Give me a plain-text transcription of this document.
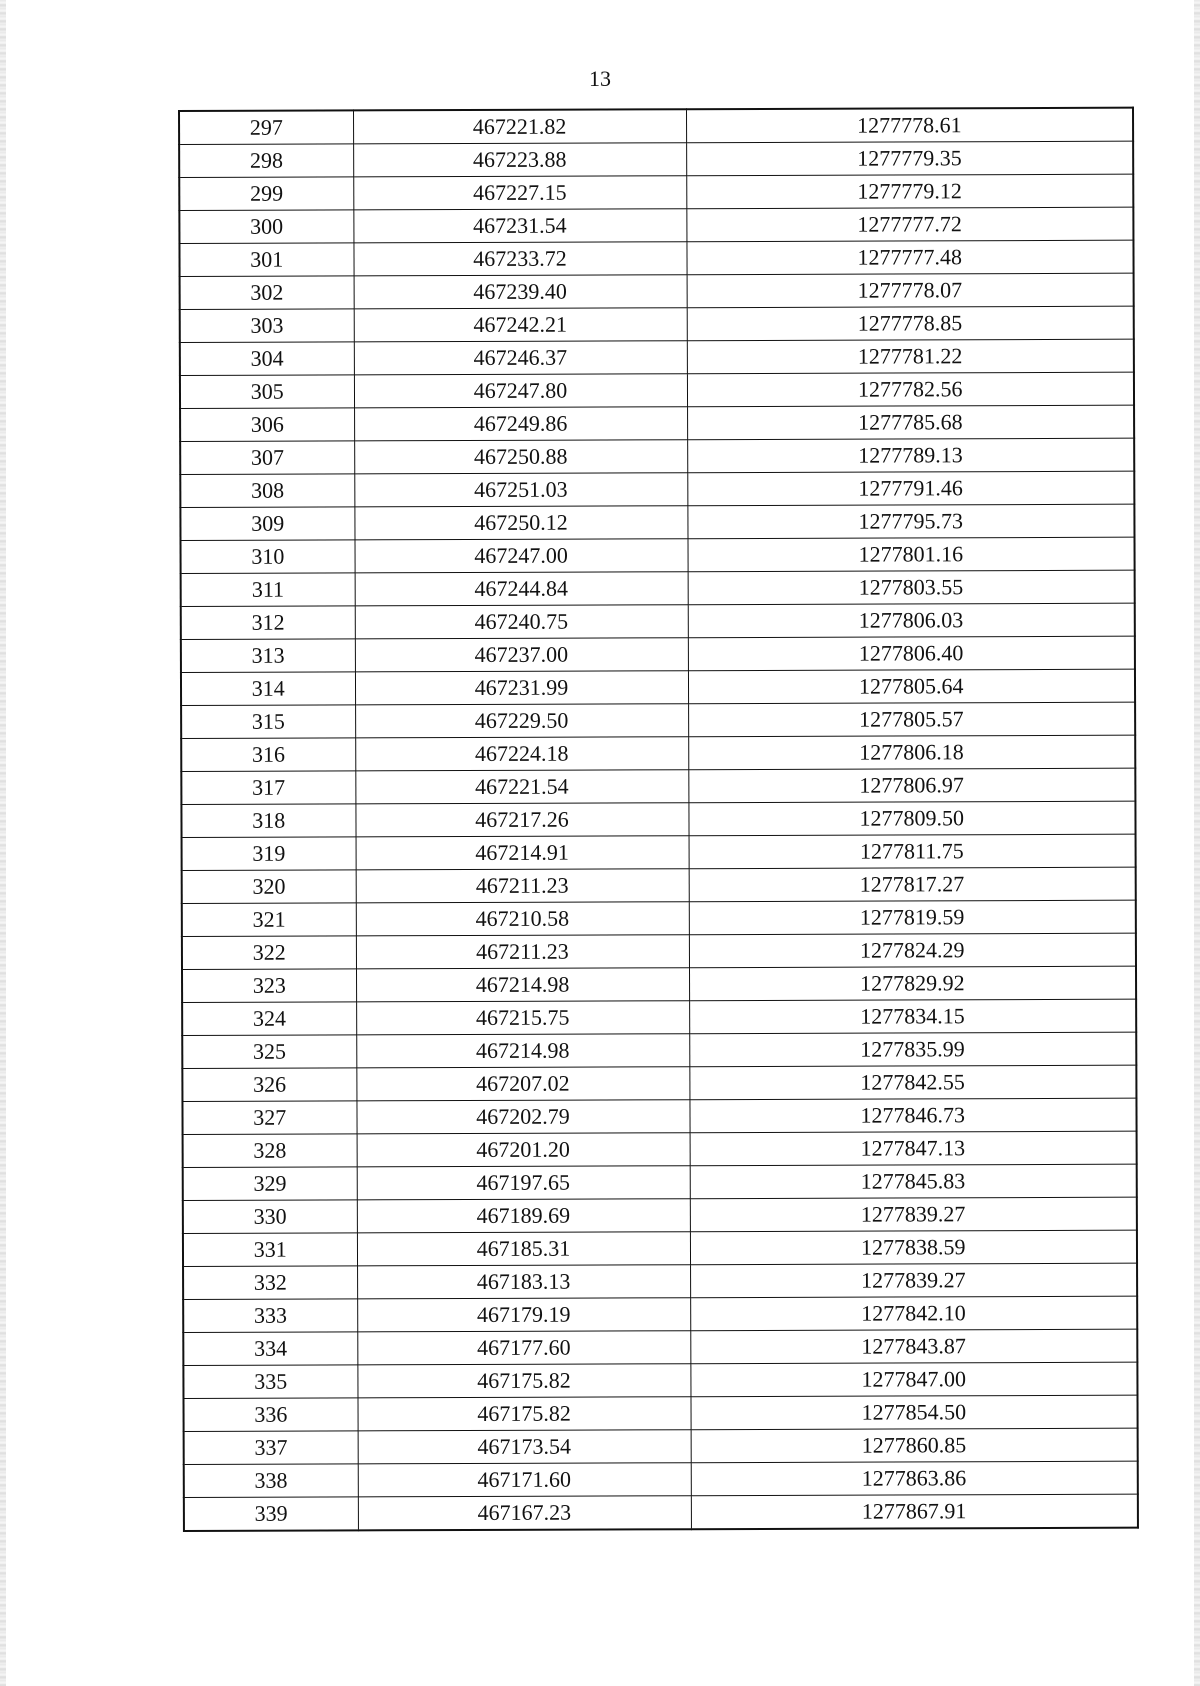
13
297	467221.82	1277778.61
298	467223.88	1277779.35
299	467227.15	1277779.12
300	467231.54	1277777.72
301	467233.72	1277777.48
302	467239.40	1277778.07
303	467242.21	1277778.85
304	467246.37	1277781.22
305	467247.80	1277782.56
306	467249.86	1277785.68
307	467250.88	1277789.13
308	467251.03	1277791.46
309	467250.12	1277795.73
310	467247.00	1277801.16
311	467244.84	1277803.55
312	467240.75	1277806.03
313	467237.00	1277806.40
314	467231.99	1277805.64
315	467229.50	1277805.57
316	467224.18	1277806.18
317	467221.54	1277806.97
318	467217.26	1277809.50
319	467214.91	1277811.75
320	467211.23	1277817.27
321	467210.58	1277819.59
322	467211.23	1277824.29
323	467214.98	1277829.92
324	467215.75	1277834.15
325	467214.98	1277835.99
326	467207.02	1277842.55
327	467202.79	1277846.73
328	467201.20	1277847.13
329	467197.65	1277845.83
330	467189.69	1277839.27
331	467185.31	1277838.59
332	467183.13	1277839.27
333	467179.19	1277842.10
334	467177.60	1277843.87
335	467175.82	1277847.00
336	467175.82	1277854.50
337	467173.54	1277860.85
338	467171.60	1277863.86
339	467167.23	1277867.91
